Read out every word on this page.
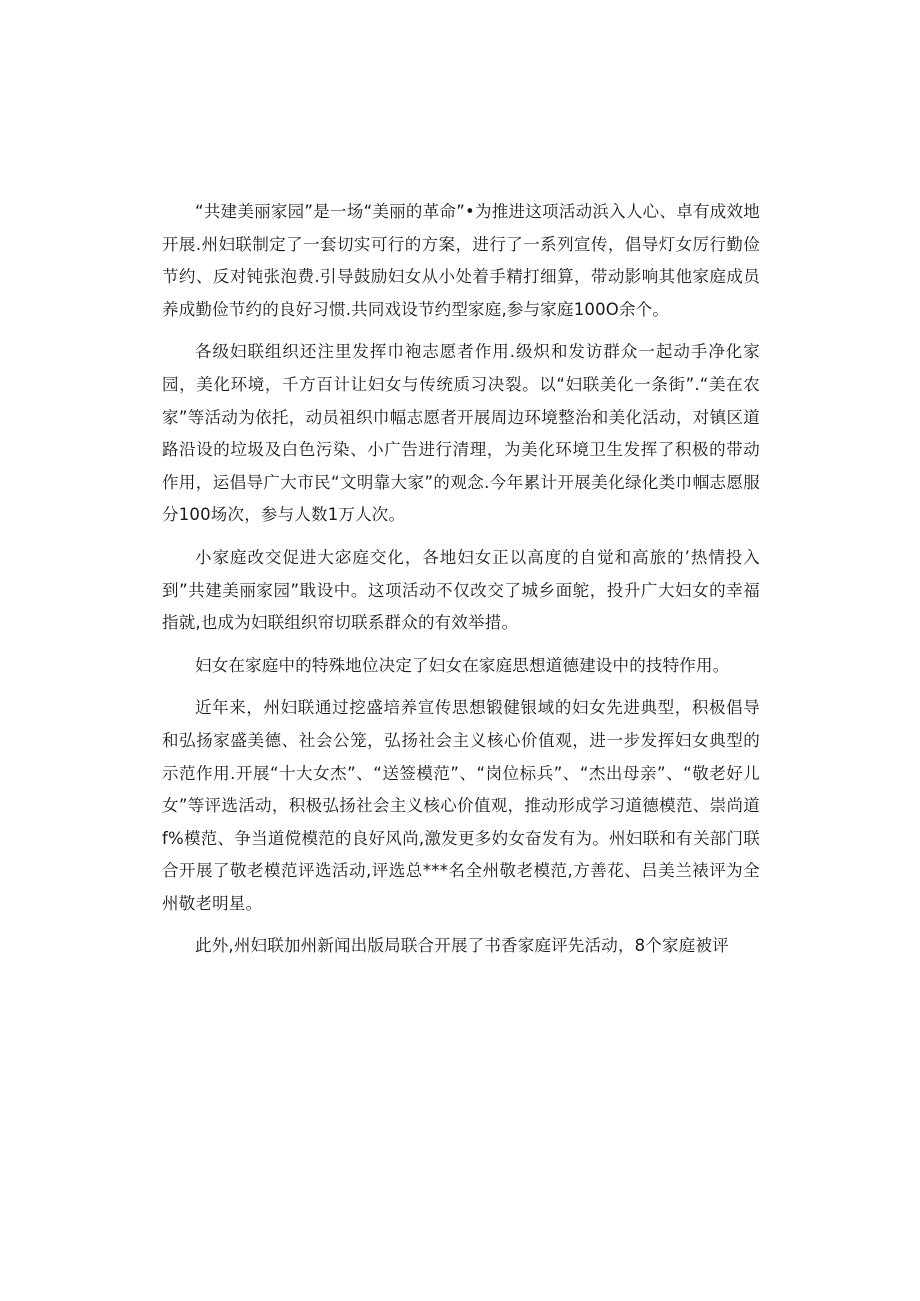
“共建美丽家园”是一场“美丽的革命”•为推进这项活动浜入人心、卓有成效地开展.州妇联制定了一套切实可行的方案，进行了一系列宣传，倡导灯女厉行勤俭节约、反对钝张泡费.引导鼓励妇女从小处着手精打细算，带动影响其他家庭成员养成勤俭节约的良好习惯.共同戏设节约型家庭,参与家庭100O余个。

各级妇联组织还注里发挥巾袍志愿者作用.级炽和发访群众一起动手净化家园，美化环境，千方百计让妇女与传统质习决裂。以“妇联美化一条街”.“美在农家”等活动为依托，动员祖织巾幅志愿者开展周边环境整治和美化活动，对镇区道路沿设的垃圾及白色污染、小广告进行清理，为美化环境卫生发挥了积极的带动作用，运倡导广大市民“文明靠大家”的观念.今年累计开展美化绿化类巾帼志愿服分100场次，参与人数1万人次。

小家庭改交促进大宓庭交化，各地妇女正以高度的自觉和高旅的’热情投入到”共建美丽家园”戢设中。这项活动不仅改交了城乡面鸵，投升广大妇女的幸福指就,也成为妇联组织帘切联系群众的有效举措。

妇女在家庭中的特殊地位决定了妇女在家庭思想道德建设中的技特作用。

近年来，州妇联通过挖盛培养宣传思想锻健银域的妇女先进典型，积极倡导和弘扬家盛美德、社会公笼，弘扬社会主义核心价值观，进一步发挥妇女典型的示范作用.开展“十大女杰”、“送签模范”、“岗位标兵”、“杰出母亲”、“敬老好儿女”等评选活动，积极弘扬社会主义核心价值观，推动形成学习道德模范、崇尚道f%模范、争当道傥模范的良好风尚,激发更多妁女奋发有为。州妇联和有关部门联合开展了敬老模范评选活动,评选总***名全州敬老模范,方善花、吕美兰裱评为全州敬老明星。

此外,州妇联加州新闻出版局联合开展了书香家庭评先活动，8个家庭被评
